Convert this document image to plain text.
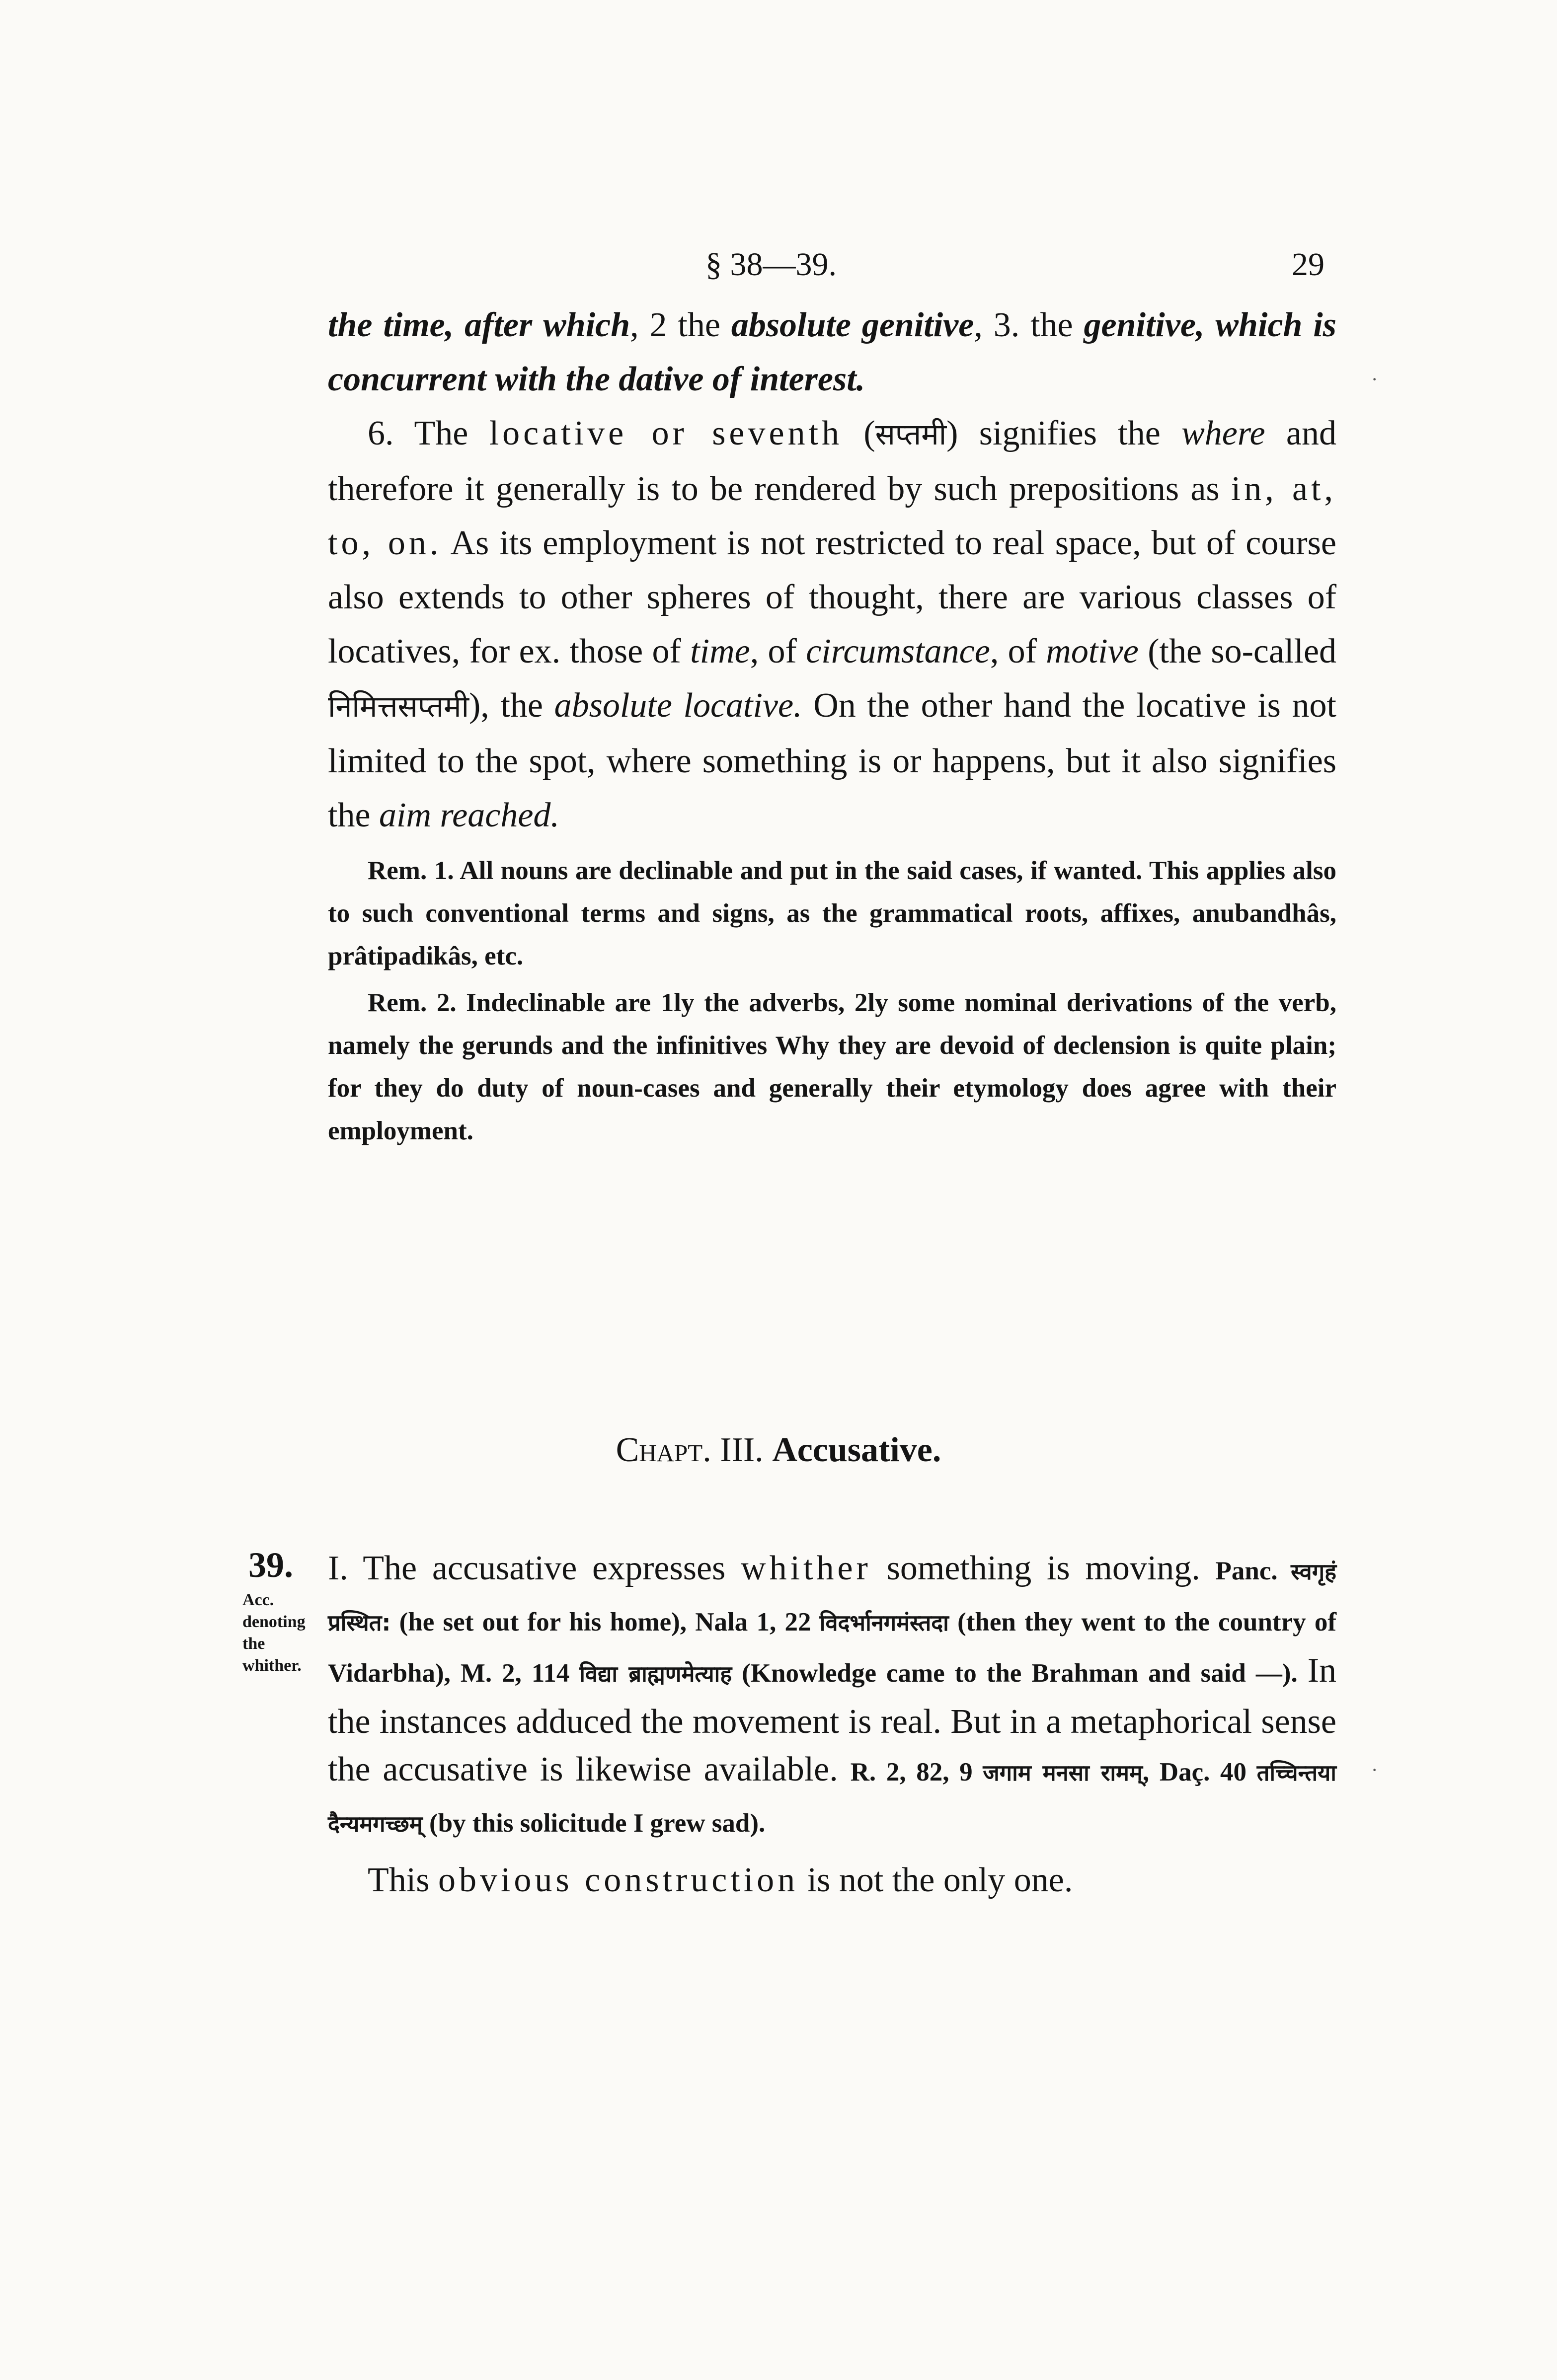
§ 38—39.	29

the time, after which, 2 the absolute genitive, 3. the genitive, which is concurrent with the dative of interest.

6. The locative or seventh (सप्तमी) signifies the where and therefore it generally is to be rendered by such prepositions as in, at, to, on. As its employment is not restricted to real space, but of course also extends to other spheres of thought, there are various classes of locatives, for ex. those of time, of circumstance, of motive (the so-called निमित्तसप्तमी), the absolute locative. On the other hand the locative is not limited to the spot, where something is or happens, but it also signifies the aim reached.

Rem. 1. All nouns are declinable and put in the said cases, if wanted. This applies also to such conventional terms and signs, as the grammatical roots, affixes, anubandhâs, prâtipadikâs, etc.

Rem. 2. Indeclinable are 1ly the adverbs, 2ly some nominal derivations of the verb, namely the gerunds and the infinitives Why they are devoid of declension is quite plain; for they do duty of noun-cases and generally their etymology does agree with their employment.

Chapt. III. Accusative.
39.
Acc. denoting the whither.

I. The accusative expresses whither something is moving. Panc. स्वगृहं प्रस्थित: (he set out for his home), Nala 1, 22 विदर्भानगमंस्तदा (then they went to the country of Vidarbha), M. 2, 114 विद्या ब्राह्मणमेत्याह (Knowledge came to the Brahman and said —). In the instances adduced the movement is real. But in a metaphorical sense the accusative is likewise available. R. 2, 82, 9 जगाम मनसा रामम्, Daç. 40 तच्चिन्तया दैन्यमगच्छम् (by this solicitude I grew sad).

This obvious construction is not the only one.

·
·
